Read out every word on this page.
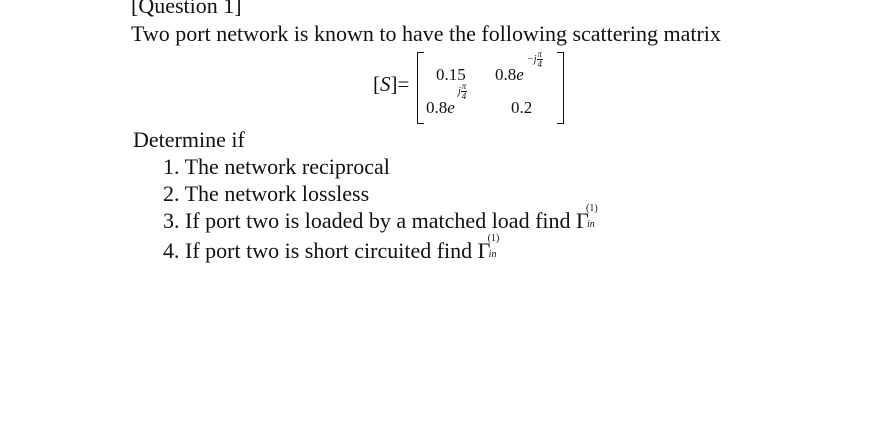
[Question 1]
Two port network is known to have the following scattering matrix
[S]= 0.15 0.8e
$-j \frac{\pi}{4}$
0.8e
j $\frac{\pi}{4}$
0.2
Determine if
1. The network reciprocal
2. The network lossless
3. If port two is loaded by a matched load find Γ
(1)
in
4. If port two is short circuited find Γ
(1)
in
